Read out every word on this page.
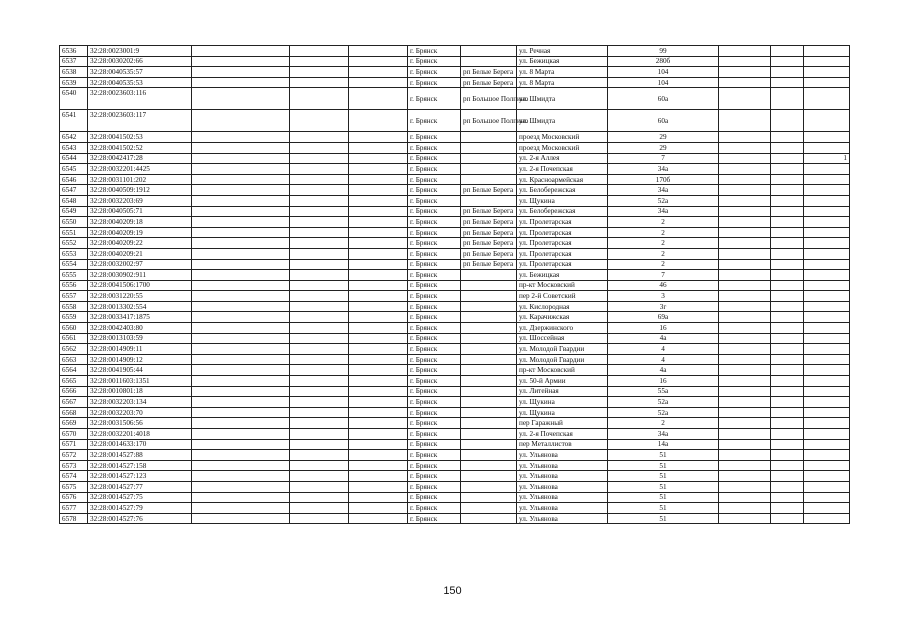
6536	32:28:0023001:9				г. Брянск		ул. Речная	99			
6537	32:28:0030202:66				г. Брянск		ул. Бежицкая	280б			
6538	32:28:0040535:57				г. Брянск	рп Белые Берега	ул. 8 Марта	104			
6539	32:28:0040535:53				г. Брянск	рп Белые Берега	ул. 8 Марта	104			
6540	32:28:0023603:116				г. Брянск	рп Большое Полпино	ул. Шмидта	60а			
6541	32:28:0023603:117				г. Брянск	рп Большое Полпино	ул. Шмидта	60а			
6542	32:28:0041502:53				г. Брянск		проезд Московский	29			
6543	32:28:0041502:52				г. Брянск		проезд Московский	29			
6544	32:28:0042417:28				г. Брянск		ул. 2-я Аллея	7			1
6545	32:28:0032201:4425				г. Брянск		ул. 2-я Почепская	34а			
6546	32:28:0031101:202				г. Брянск		ул. Красноармейская	170б			
6547	32:28:0040509:1912				г. Брянск	рп Белые Берега	ул. Белобережская	34а			
6548	32:28:0032203:69				г. Брянск		ул. Щукина	52а			
6549	32:28:0040505:71				г. Брянск	рп Белые Берега	ул. Белобережская	34а			
6550	32:28:0040209:18				г. Брянск	рп Белые Берега	ул. Пролетарская	2			
6551	32:28:0040209:19				г. Брянск	рп Белые Берега	ул. Пролетарская	2			
6552	32:28:0040209:22				г. Брянск	рп Белые Берега	ул. Пролетарская	2			
6553	32:28:0040209:21				г. Брянск	рп Белые Берега	ул. Пролетарская	2			
6554	32:28:0032002:97				г. Брянск	рп Белые Берега	ул. Пролетарская	2			
6555	32:28:0030902:911				г. Брянск		ул. Бежицкая	7			
6556	32:28:0041506:1700				г. Брянск		пр-кт Московский	46			
6557	32:28:0031220:55				г. Брянск		пер 2-й Советский	3			
6558	32:28:0013302:554				г. Брянск		ул. Кислородная	3г			
6559	32:28:0033417:1875				г. Брянск		ул. Карачижская	69а			
6560	32:28:0042403:80				г. Брянск		ул. Дзержинского	16			
6561	32:28:0013103:59				г. Брянск		ул. Шоссейная	4а			
6562	32:28:0014909:11				г. Брянск		ул. Молодой Гвардии	4			
6563	32:28:0014909:12				г. Брянск		ул. Молодой Гвардии	4			
6564	32:28:0041905:44				г. Брянск		пр-кт Московский	4а			
6565	32:28:0011603:1351				г. Брянск		ул. 50-й Армии	16			
6566	32:28:0010801:18				г. Брянск		ул. Литейная	55а			
6567	32:28:0032203:134				г. Брянск		ул. Щукина	52а			
6568	32:28:0032203:70				г. Брянск		ул. Щукина	52а			
6569	32:28:0031506:56				г. Брянск		пер Гаражный	2			
6570	32:28:0032201:4018				г. Брянск		ул. 2-я Почепская	34а			
6571	32:28:0014633:170				г. Брянск		пер Металлистов	14а			
6572	32:28:0014527:88				г. Брянск		ул. Ульянова	51			
6573	32:28:0014527:158				г. Брянск		ул. Ульянова	51			
6574	32:28:0014527:123				г. Брянск		ул. Ульянова	51			
6575	32:28:0014527:77				г. Брянск		ул. Ульянова	51			
6576	32:28:0014527:75				г. Брянск		ул. Ульянова	51			
6577	32:28:0014527:79				г. Брянск		ул. Ульянова	51			
6578	32:28:0014527:76				г. Брянск		ул. Ульянова	51			
150
